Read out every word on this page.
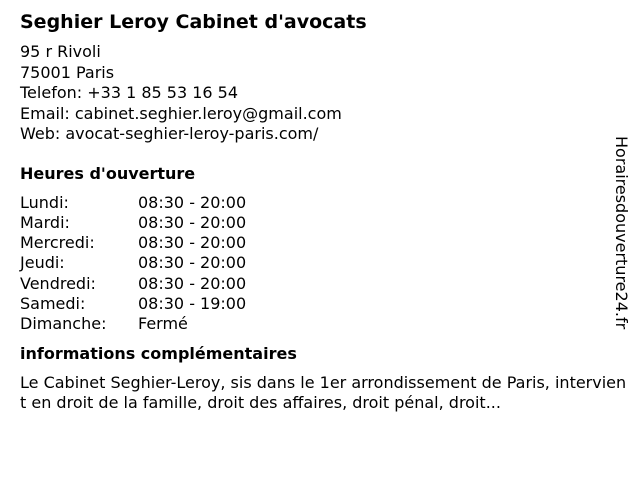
Seghier Leroy Cabinet d'avocats
95 r Rivoli
75001 Paris
Telefon: +33 1 85 53 16 54
Email: cabinet.seghier.leroy@gmail.com
Web: avocat-seghier-leroy-paris.com/
Heures d'ouverture
Lundi:	08:30 - 20:00
Mardi:	08:30 - 20:00
Mercredi:	08:30 - 20:00
Jeudi:	08:30 - 20:00
Vendredi:	08:30 - 20:00
Samedi:	08:30 - 19:00
Dimanche:	Fermé
informations complémentaires
Le Cabinet Seghier-Leroy, sis dans le 1er arrondissement de Paris, intervient en droit de la famille, droit des affaires, droit pénal, droit...
Horairesdouverture24.fr
